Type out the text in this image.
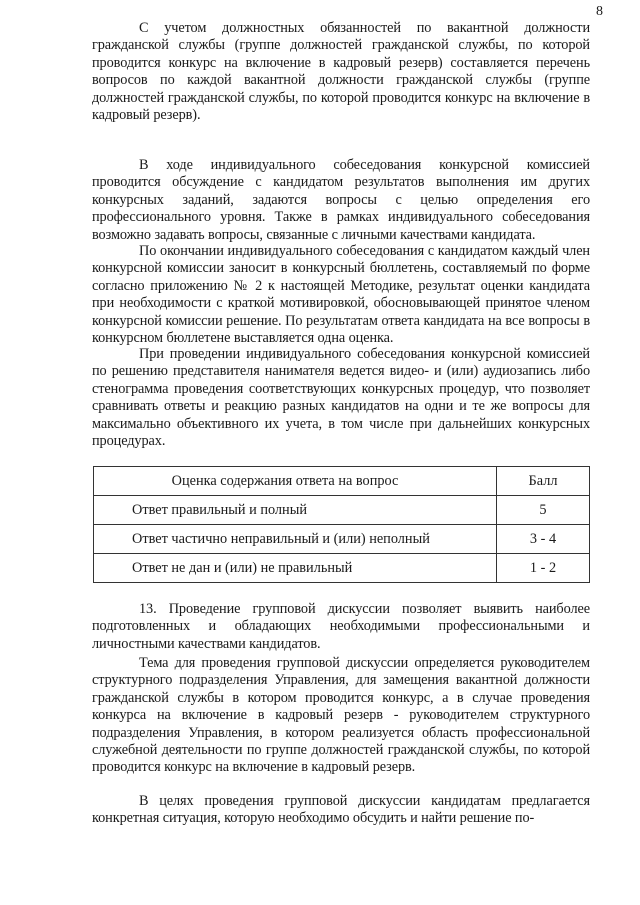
8

С учетом должностных обязанностей по вакантной должности гражданской службы (группе должностей гражданской службы, по которой проводится конкурс на включение в кадровый резерв) составляется перечень вопросов по каждой вакантной должности гражданской службы (группе должностей гражданской службы, по которой проводится конкурс на включение в кадровый резерв).

В ходе индивидуального собеседования конкурсной комиссией проводится обсуждение с кандидатом результатов выполнения им других конкурсных заданий, задаются вопросы с целью определения его профессионального уровня. Также в рамках индивидуального собеседования возможно задавать вопросы, связанные с личными качествами кандидата.

По окончании индивидуального собеседования с кандидатом каждый член конкурсной комиссии заносит в конкурсный бюллетень, составляемый по форме согласно приложению № 2 к настоящей Методике, результат оценки кандидата при необходимости с краткой мотивировкой, обосновывающей принятое членом конкурсной комиссии решение. По результатам ответа кандидата на все вопросы в конкурсном бюллетене выставляется одна оценка.

При проведении индивидуального собеседования конкурсной комиссией по решению представителя нанимателя ведется видео- и (или) аудиозапись либо стенограмма проведения соответствующих конкурсных процедур, что позволяет сравнивать ответы и реакцию разных кандидатов на одни и те же вопросы для максимально объективного их учета, в том числе при дальнейших конкурсных процедурах.

Оценка содержания ответа на вопрос	Балл
Ответ правильный и полный	5
Ответ частично неправильный и (или) неполный	3 - 4
Ответ не дан и (или) не правильный	1 - 2

13. Проведение групповой дискуссии позволяет выявить наиболее подготовленных и обладающих необходимыми профессиональными и личностными качествами кандидатов.

Тема для проведения групповой дискуссии определяется руководителем структурного подразделения Управления, для замещения вакантной должности гражданской службы в котором проводится конкурс, а в случае проведения конкурса на включение в кадровый резерв - руководителем структурного подразделения Управления, в котором реализуется область профессиональной служебной деятельности по группе должностей гражданской службы, по которой проводится конкурс на включение в кадровый резерв.

В целях проведения групповой дискуссии кандидатам предлагается конкретная ситуация, которую необходимо обсудить и найти решение по-
